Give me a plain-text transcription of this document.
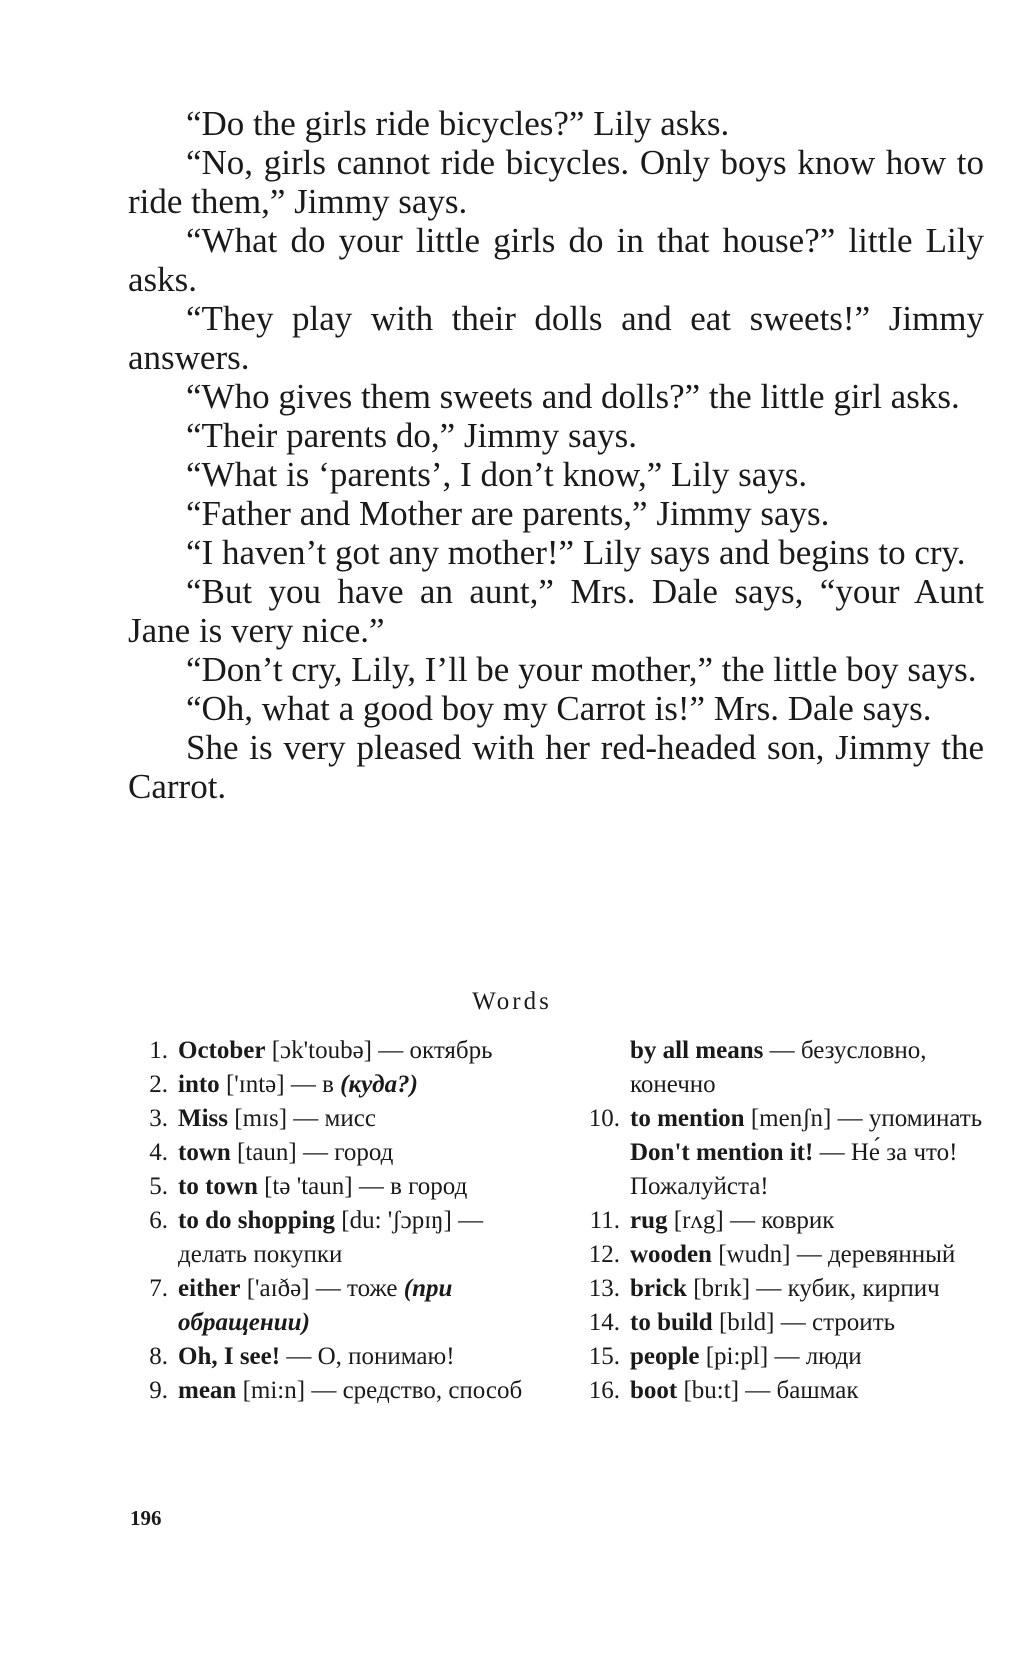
“Do the girls ride bicycles?” Lily asks.

“No, girls cannot ride bicycles. Only boys know how to ride them,” Jimmy says.

“What do your little girls do in that house?” little Lily asks.

“They play with their dolls and eat sweets!” Jimmy answers.

“Who gives them sweets and dolls?” the little girl asks.

“Their parents do,” Jimmy says.

“What is ‘parents’, I don’t know,” Lily says.

“Father and Mother are parents,” Jimmy says.

“I haven’t got any mother!” Lily says and begins to cry.

“But you have an aunt,” Mrs. Dale says, “your Aunt Jane is very nice.”

“Don’t cry, Lily, I’ll be your mother,” the little boy says.

“Oh, what a good boy my Carrot is!” Mrs. Dale says.

She is very pleased with her red-headed son, Jimmy the Carrot.

Words
1. October [ɔk'toubə] — октябрь
2. into ['ɪntə] — в (куда?)
3. Miss [mɪs] — мисс
4. town [taun] — город
5. to town [tə 'taun] — в город
6. to do shopping [du: 'ʃɔpɪŋ] — делать покупки
7. either ['aɪðə] — тоже (при обращении)
8. Oh, I see! — О, понимаю!
9. mean [mi:n] — средство, способ
by all means — безусловно, конечно
10. to mention [menʃn] — упоминать
Don't mention it! — Не́ за что! Пожалуйста!
11. rug [rʌg] — коврик
12. wooden [wudn] — деревянный
13. brick [brɪk] — кубик, кирпич
14. to build [bɪld] — строить
15. people [pi:pl] — люди
16. boot [bu:t] — башмак
196
